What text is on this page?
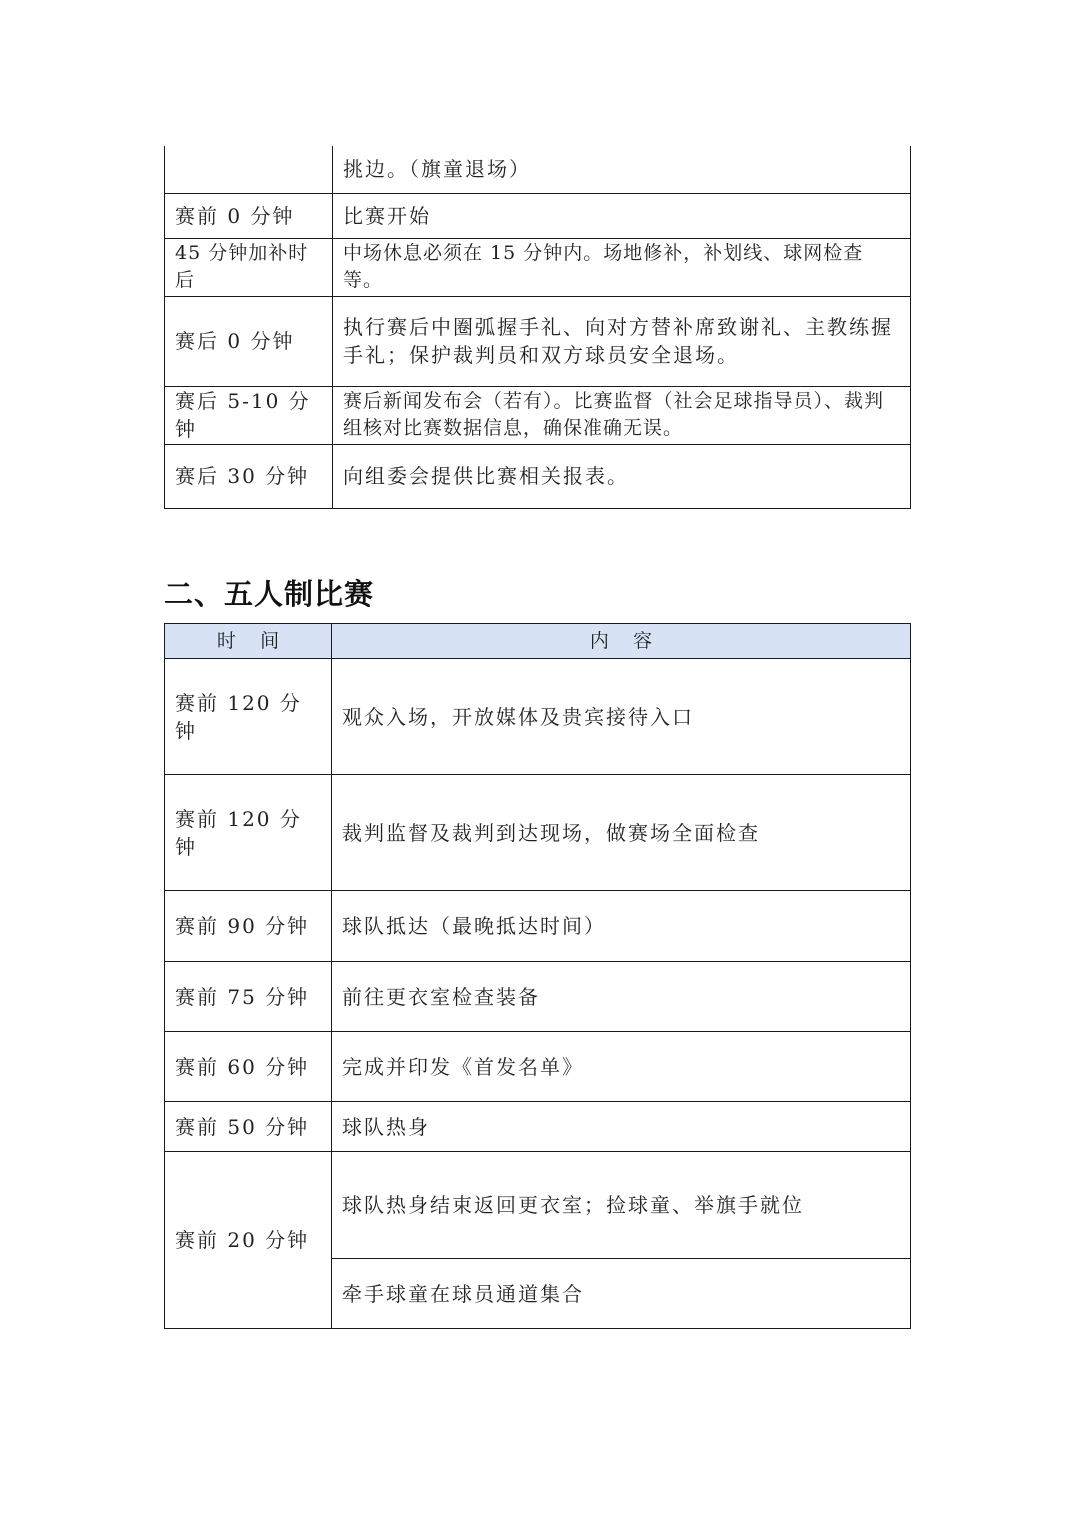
	挑边。（旗童退场）
赛前 0 分钟	比赛开始
45 分钟加补时后	中场休息必须在 15 分钟内。场地修补，补划线、球网检查等。
赛后 0 分钟	执行赛后中圈弧握手礼、向对方替补席致谢礼、主教练握手礼；保护裁判员和双方球员安全退场。
赛后 5-10 分钟	赛后新闻发布会（若有）。比赛监督（社会足球指导员）、裁判组核对比赛数据信息，确保准确无误。
赛后 30 分钟	向组委会提供比赛相关报表。
二、五人制比赛
时    间	内    容
赛前 120 分钟	观众入场，开放媒体及贵宾接待入口
赛前 120 分钟	裁判监督及裁判到达现场，做赛场全面检查
赛前 90 分钟	球队抵达（最晚抵达时间）
赛前 75 分钟	前往更衣室检查装备
赛前 60 分钟	完成并印发《首发名单》
赛前 50 分钟	球队热身
赛前 20 分钟	球队热身结束返回更衣室；捡球童、举旗手就位
	牵手球童在球员通道集合
